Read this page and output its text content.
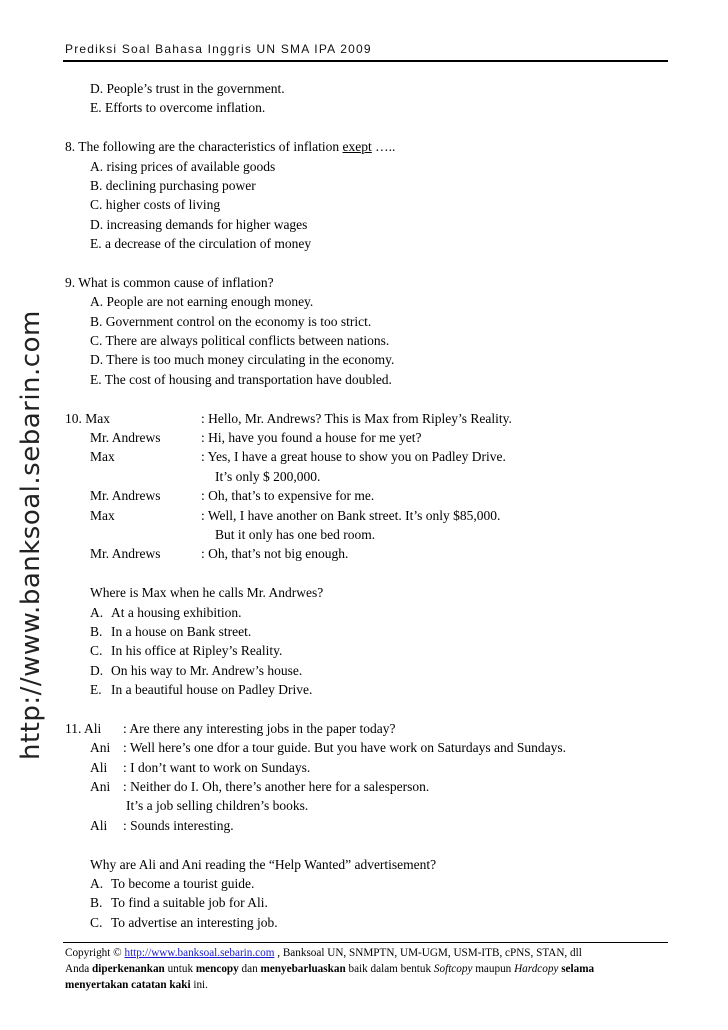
Prediksi Soal Bahasa Inggris UN SMA IPA 2009
http://www.banksoal.sebarin.com
D. People’s trust in the government.
E. Efforts to overcome inflation.
8. The following are the characteristics of inflation exept …..
A. rising prices of available goods
B. declining purchasing power
C. higher costs of living
D. increasing demands for higher wages
E. a decrease of the circulation of money
9. What is common cause of inflation?
A. People are not earning enough money.
B. Government control on the economy is too strict.
C. There are always political conflicts between nations.
D. There is too much money circulating in the economy.
E. The cost of housing and transportation have doubled.
10. Max	: Hello, Mr. Andrews? This is Max from Ripley’s Reality.
Mr. Andrews	: Hi, have you found a house for me yet?
Max	: Yes, I have a great house to show you on Padley Drive.
It’s only $ 200,000.
Mr. Andrews	: Oh, that’s to expensive for me.
Max	: Well, I have another on Bank street. It’s only $85,000.
But it only has one bed room.
Mr. Andrews	: Oh, that’s not big enough.
Where is Max when he calls Mr. Andrwes?
A. At a housing exhibition.
B. In a house on Bank street.
C. In his office at Ripley’s Reality.
D. On his way to Mr. Andrew’s house.
E. In a beautiful house on Padley Drive.
11. Ali : Are there any interesting jobs in the paper today?
Ani : Well here’s one dfor a tour guide. But you have work on Saturdays and Sundays.
Ali : I don’t want to work on Sundays.
Ani : Neither do I. Oh, there’s another here for a salesperson.
It’s a job selling children’s books.
Ali : Sounds interesting.
Why are Ali and Ani reading the “Help Wanted” advertisement?
A. To become a tourist guide.
B. To find a suitable job for Ali.
C. To advertise an interesting job.
Copyright © http://www.banksoal.sebarin.com , Banksoal UN, SNMPTN, UM-UGM, USM-ITB, cPNS, STAN, dll
Anda diperkenankan untuk mencopy dan menyebarluaskan baik dalam bentuk Softcopy maupun Hardcopy selama
menyertakan catatan kaki ini.
